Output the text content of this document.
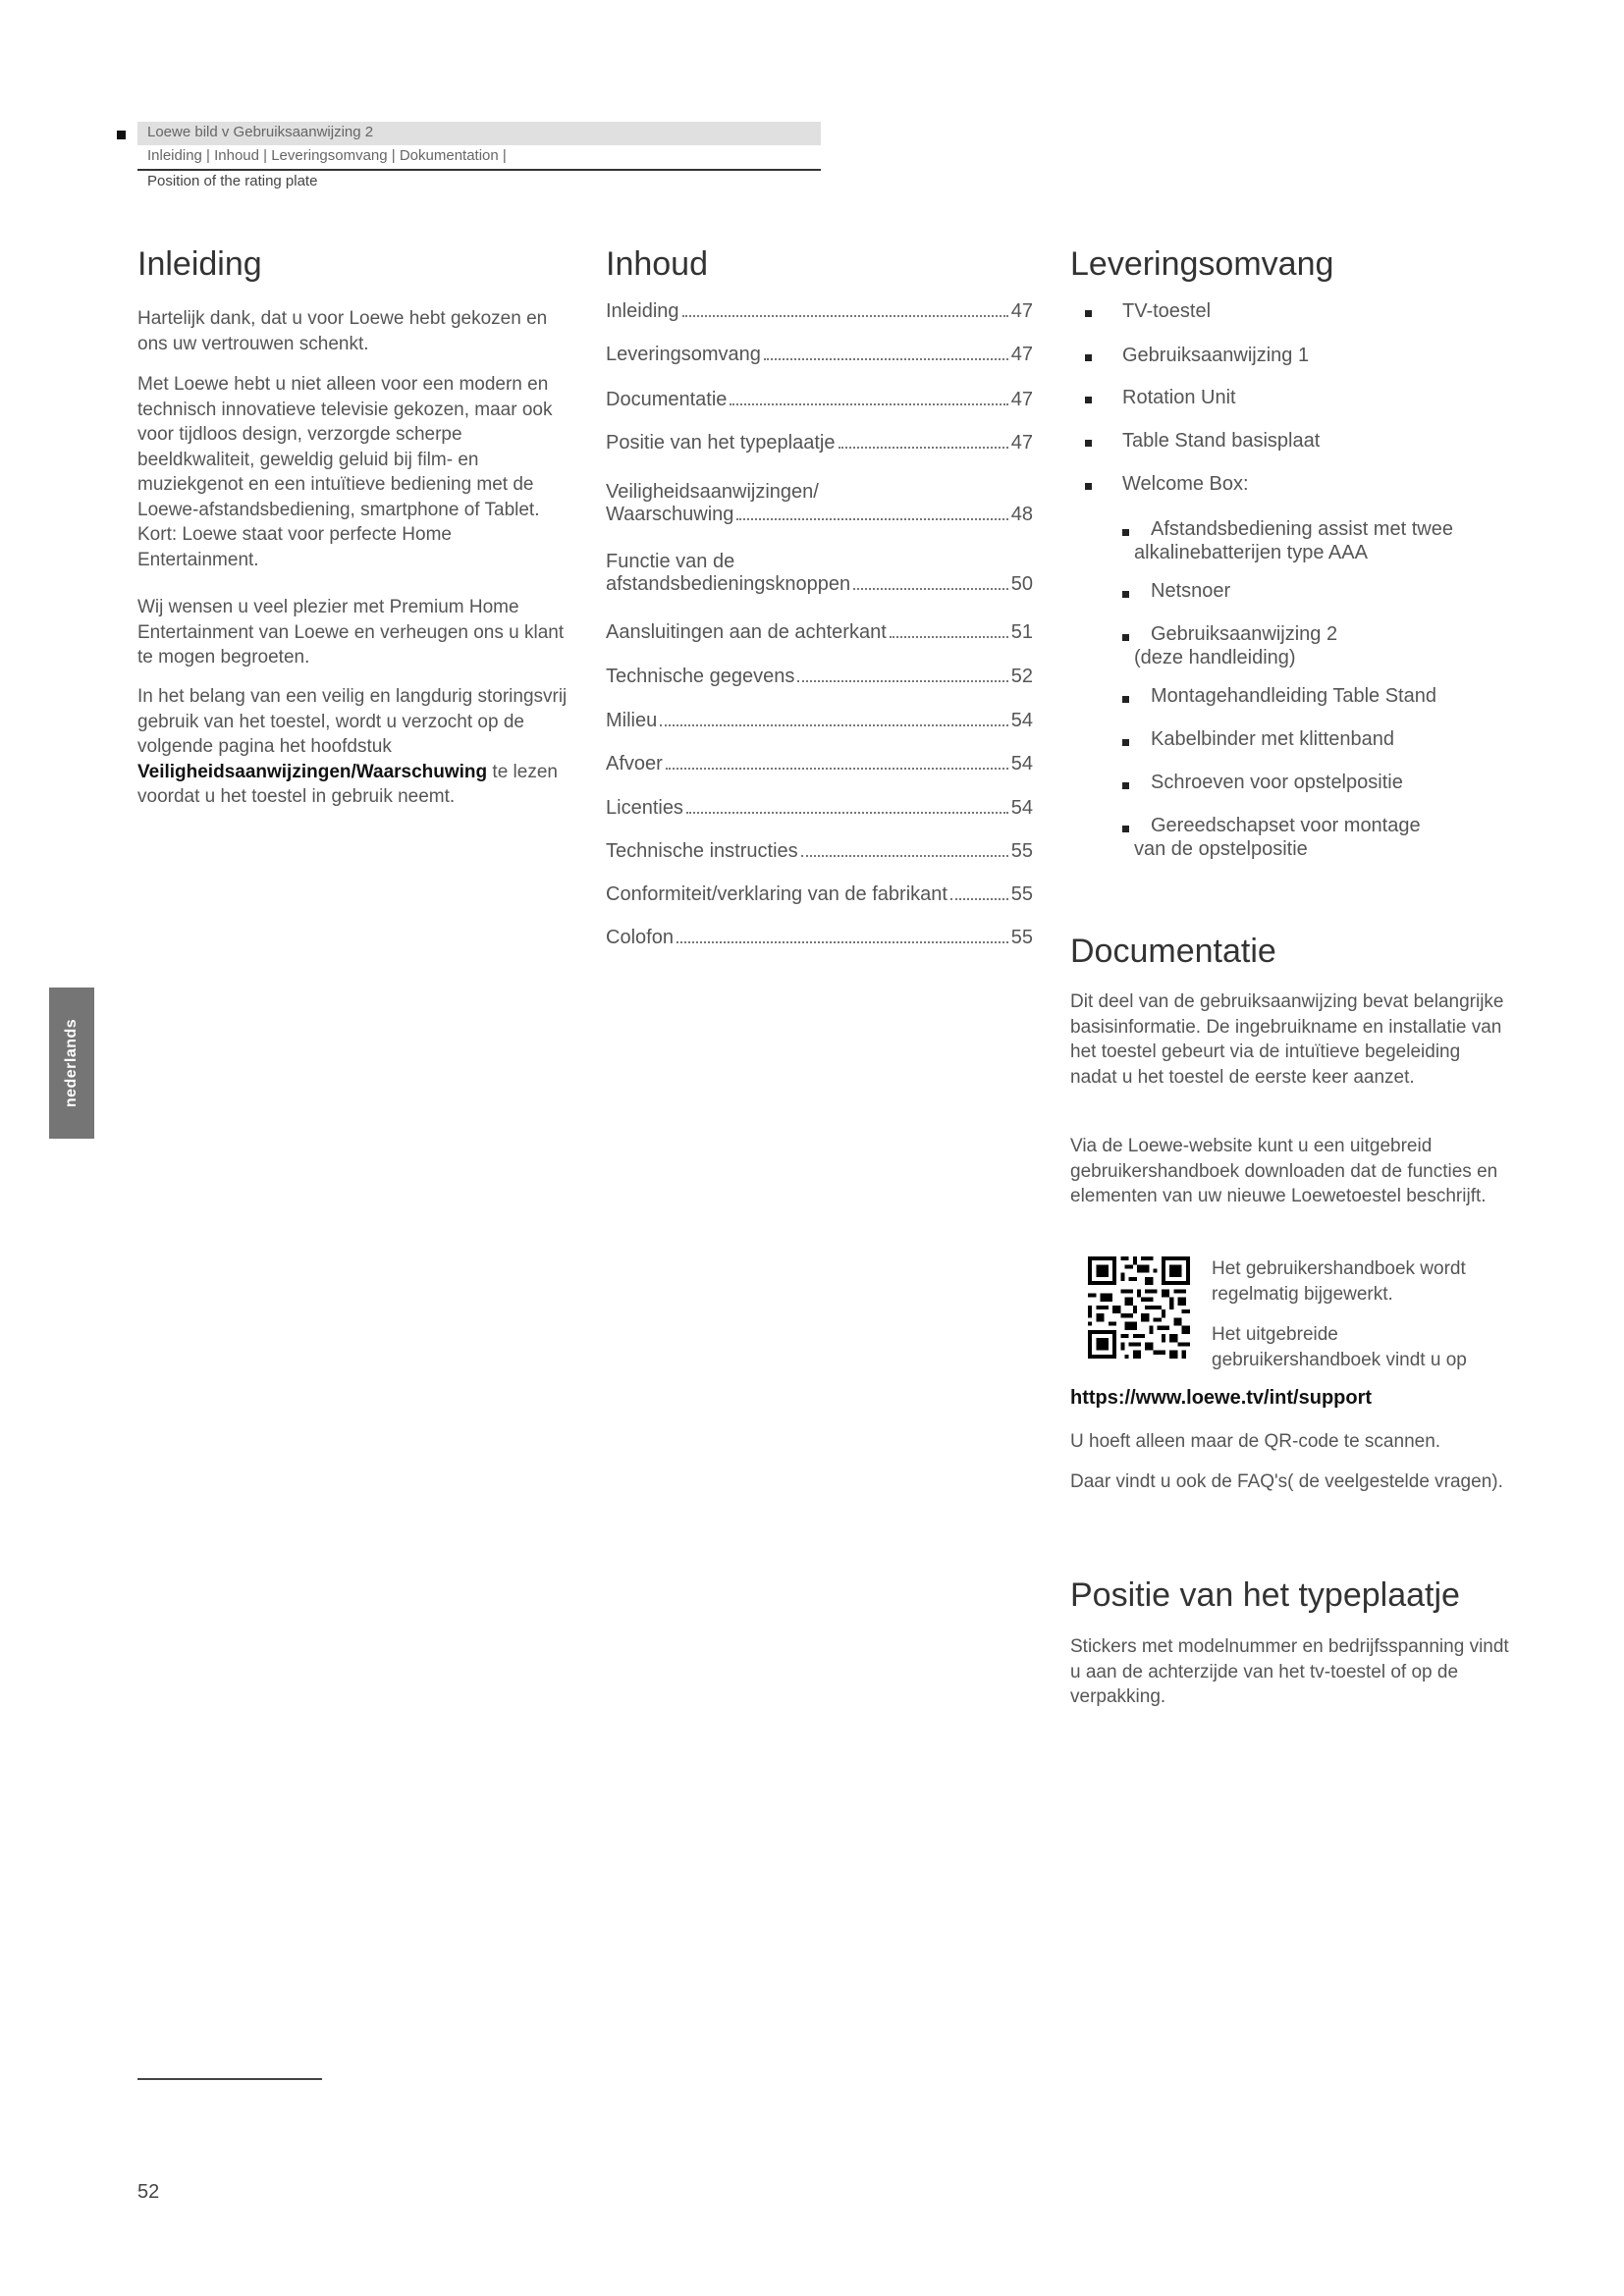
Loewe bild v Gebruiksaanwijzing 2
Inleiding | Inhoud | Leveringsomvang | Dokumentation |
Position of the rating plate
nederlands
Inleiding

Hartelijk dank, dat u voor Loewe hebt gekozen en ons uw vertrouwen schenkt.

Met Loewe hebt u niet alleen voor een modern en technisch innovatieve televisie gekozen, maar ook voor tijdloos design, verzorgde scherpe beeldkwaliteit, geweldig geluid bij film- en muziekgenot en een intuïtieve bediening met de Loewe-afstandsbediening, smartphone of Tablet. Kort: Loewe staat voor perfecte Home Entertainment.

Wij wensen u veel plezier met Premium Home Entertainment van Loewe en verheugen ons u klant te mogen begroeten.

In het belang van een veilig en langdurig storingsvrij gebruik van het toestel, wordt u verzocht op de volgende pagina het hoofdstuk Veiligheidsaanwijzingen/Waarschuwing te lezen voordat u het toestel in gebruik neemt.

Inhoud
Inleiding	47
Leveringsomvang	47
Documentatie	47
Positie van het typeplaatje	47
Veiligheidsaanwijzingen/
Waarschuwing	48
Functie van de
afstandsbedieningsknoppen	50
Aansluitingen aan de achterkant	51
Technische gegevens	52
Milieu	54
Afvoer	54
Licenties	54
Technische instructies	55
Conformiteit/verklaring van de fabrikant	55
Colofon	55
Leveringsomvang
TV-toestel
Gebruiksaanwijzing 1
Rotation Unit
Table Stand basisplaat
Welcome Box:
Afstandsbediening assist met twee
alkalinebatterijen type AAA
Netsnoer
Gebruiksaanwijzing 2
(deze handleiding)
Montagehandleiding Table Stand
Kabelbinder met klittenband
Schroeven voor opstelpositie
Gereedschapset voor montage
van de opstelpositie
Documentatie

Dit deel van de gebruiksaanwijzing bevat belangrijke basisinformatie. De ingebruikname en installatie van het toestel gebeurt via de intuïtieve begeleiding nadat u het toestel de eerste keer aanzet.

Via de Loewe-website kunt u een uitgebreid gebruikershandboek downloaden dat de functies en elementen van uw nieuwe Loewetoestel beschrijft.

Het gebruikershandboek wordt regelmatig bijgewerkt.

Het uitgebreide gebruikershandboek vindt u op

https://www.loewe.tv/int/support

U hoeft alleen maar de QR-code te scannen.

Daar vindt u ook de FAQ's( de veelgestelde vragen).

Positie van het typeplaatje

Stickers met modelnummer en bedrijfsspanning vindt u aan de achterzijde van het tv-toestel of op de verpakking.

52
